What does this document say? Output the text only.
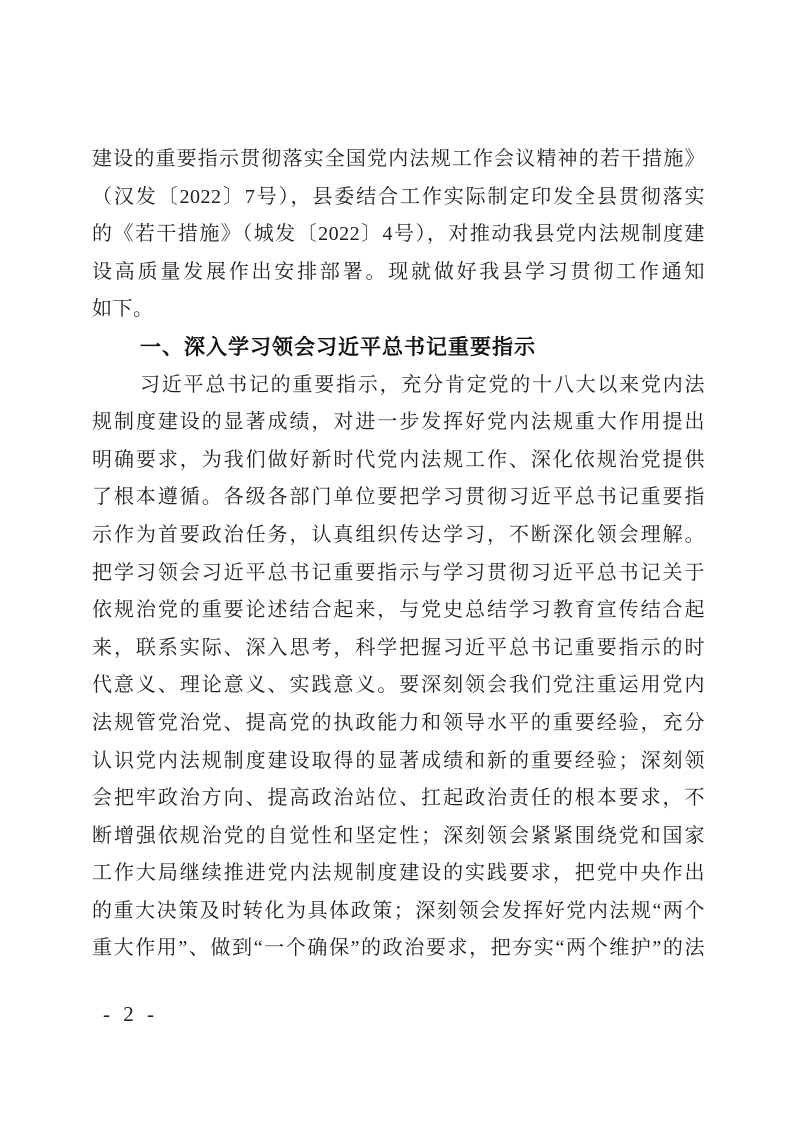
建设的重要指示贯彻落实全国党内法规工作会议精神的若干措施》
（汉发〔2022〕7号），县委结合工作实际制定印发全县贯彻落实
的《若干措施》（城发〔2022〕4号），对推动我县党内法规制度建
设高质量发展作出安排部署。现就做好我县学习贯彻工作通知
如下。
一、深入学习领会习近平总书记重要指示
习近平总书记的重要指示，充分肯定党的十八大以来党内法
规制度建设的显著成绩，对进一步发挥好党内法规重大作用提出
明确要求，为我们做好新时代党内法规工作、深化依规治党提供
了根本遵循。各级各部门单位要把学习贯彻习近平总书记重要指
示作为首要政治任务，认真组织传达学习，不断深化领会理解。
把学习领会习近平总书记重要指示与学习贯彻习近平总书记关于
依规治党的重要论述结合起来，与党史总结学习教育宣传结合起
来，联系实际、深入思考，科学把握习近平总书记重要指示的时
代意义、理论意义、实践意义。要深刻领会我们党注重运用党内
法规管党治党、提高党的执政能力和领导水平的重要经验，充分
认识党内法规制度建设取得的显著成绩和新的重要经验；深刻领
会把牢政治方向、提高政治站位、扛起政治责任的根本要求，不
断增强依规治党的自觉性和坚定性；深刻领会紧紧围绕党和国家
工作大局继续推进党内法规制度建设的实践要求，把党中央作出
的重大决策及时转化为具体政策；深刻领会发挥好党内法规“两个
重大作用”、做到“一个确保”的政治要求，把夯实“两个维护”的法
- 2 -
